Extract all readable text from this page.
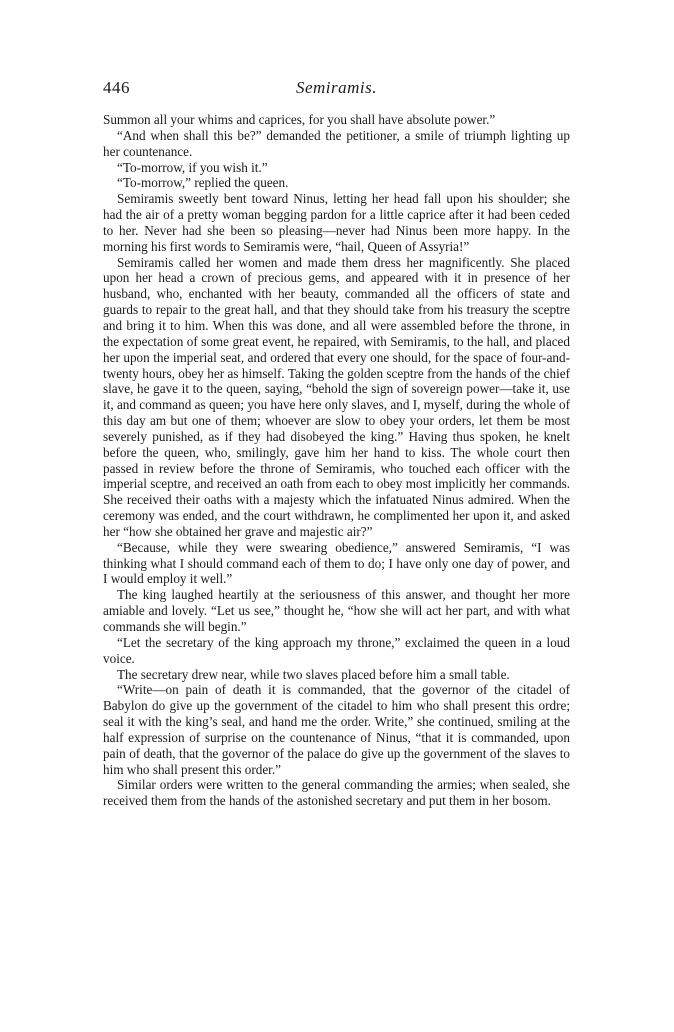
446	Semiramis.

Summon all your whims and caprices, for you shall have absolute power.”

“And when shall this be?” demanded the petitioner, a smile of triumph lighting up her countenance.

“To-morrow, if you wish it.”

“To-morrow,” replied the queen.

Semiramis sweetly bent toward Ninus, letting her head fall upon his shoulder; she had the air of a pretty woman begging pardon for a little caprice after it had been ceded to her. Never had she been so pleasing—never had Ninus been more happy. In the morning his first words to Semiramis were, “hail, Queen of Assyria!”

Semiramis called her women and made them dress her magnificently. She placed upon her head a crown of precious gems, and appeared with it in presence of her husband, who, enchanted with her beauty, commanded all the officers of state and guards to repair to the great hall, and that they should take from his treasury the sceptre and bring it to him. When this was done, and all were assembled before the throne, in the expectation of some great event, he repaired, with Semiramis, to the hall, and placed her upon the imperial seat, and ordered that every one should, for the space of four-and-twenty hours, obey her as himself. Taking the golden sceptre from the hands of the chief slave, he gave it to the queen, saying, “behold the sign of sovereign power—take it, use it, and command as queen; you have here only slaves, and I, myself, during the whole of this day am but one of them; whoever are slow to obey your orders, let them be most severely punished, as if they had disobeyed the king.” Having thus spoken, he knelt before the queen, who, smilingly, gave him her hand to kiss. The whole court then passed in review before the throne of Semiramis, who touched each officer with the imperial sceptre, and received an oath from each to obey most implicitly her commands. She received their oaths with a majesty which the infatuated Ninus admired. When the ceremony was ended, and the court withdrawn, he complimented her upon it, and asked her “how she obtained her grave and majestic air?”

“Because, while they were swearing obedience,” answered Semiramis, “I was thinking what I should command each of them to do; I have only one day of power, and I would employ it well.”

The king laughed heartily at the seriousness of this answer, and thought her more amiable and lovely. “Let us see,” thought he, “how she will act her part, and with what commands she will begin.”

“Let the secretary of the king approach my throne,” exclaimed the queen in a loud voice.

The secretary drew near, while two slaves placed before him a small table.

“Write—on pain of death it is commanded, that the governor of the citadel of Babylon do give up the government of the citadel to him who shall present this ordre; seal it with the king’s seal, and hand me the order. Write,” she continued, smiling at the half expression of surprise on the countenance of Ninus, “that it is commanded, upon pain of death, that the governor of the palace do give up the government of the slaves to him who shall present this order.”

Similar orders were written to the general commanding the armies; when sealed, she received them from the hands of the astonished secretary and put them in her bosom.
